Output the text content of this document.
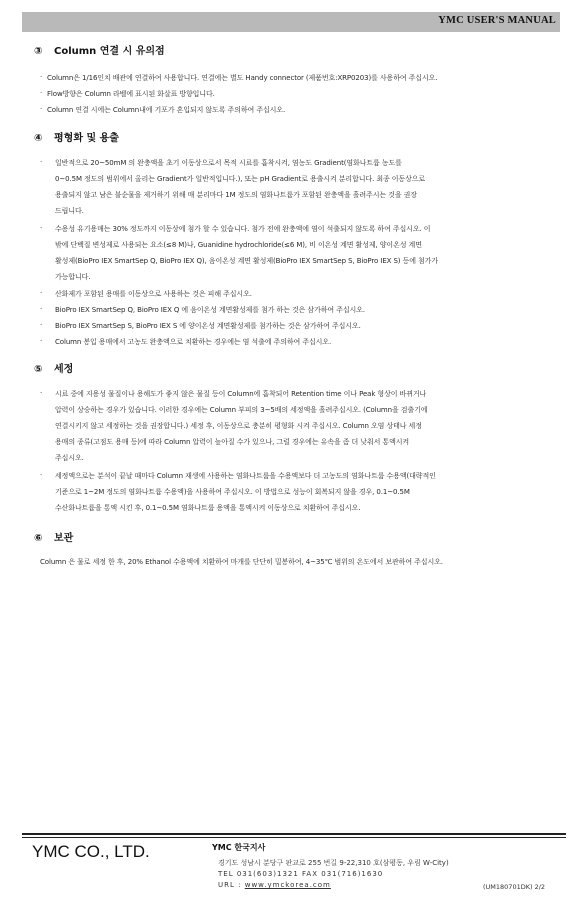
YMC USER'S MANUAL
③ Column 연결 시 유의점
· Column은 1/16인치 배관에 연결하여 사용합니다. 연결에는 별도 Handy connector (제품번호:XRP0203)를 사용하여 주십시오.
· Flow방향은 Column 라벨에 표시된 화살표 방향입니다.
· Column 연결 시에는 Column내에 기포가 혼입되지 않도록 주의하여 주십시오.
④ 평형화 및 용출
· 일반적으로 20~50mM 의 완충액을 초기 이동상으로서 목적 시료를 흡착시켜, 염농도 Gradient(염화나트륨 농도를
0~0.5M 정도의 범위에서 올리는 Gradient가 일반적입니다.), 또는 pH Gradient로 용출시켜 분리합니다. 최종 이동상으로
용출되지 않고 남은 불순물을 제거하기 위해 매 분리마다 1M 정도의 염화나트륨가 포함된 완충액을 흘려주시는 것을 권장
드립니다.
· 수용성 유기용매는 30% 정도까지 이동상에 첨가 할 수 있습니다. 첨가 전에 완충액에 염이 석출되지 않도록 하여 주십시오. 이
밖에 단백질 변성제로 사용되는 요소(≤8 M)나, Guanidine hydrochloride(≤6 M), 비 이온성 계면 활성제, 양이온성 계면
활성제(BioPro IEX SmartSep Q, BioPro IEX Q), 음이온성 계면 활성제(BioPro IEX SmartSep S, BioPro IEX S) 등에 첨가가
가능합니다.
· 산화제가 포함된 용매를 이동상으로 사용하는 것은 피해 주십시오.
· BioPro IEX SmartSep Q, BioPro IEX Q 에 음이온성 계면활성제를 첨가 하는 것은 삼가하여 주십시오.
· BioPro IEX SmartSep S, BioPro IEX S 에 양이온성 계면활성제를 첨가하는 것은 삼가하여 주십시오.
· Column 봉입 용매에서 고농도 완충액으로 치환하는 경우에는 염 석출에 주의하여 주십시오.
⑤ 세정
· 시료 중에 지용성 물질이나 용해도가 좋지 않은 물질 등이 Column에 흡착되어 Retention time 이나 Peak 형상이 바뀌거나
압력이 상승하는 경우가 있습니다. 이러한 경우에는 Column 부피의 3~5배의 세정액을 흘려주십시오. (Column을 검출기에
연결시키지 않고 세정하는 것을 권장합니다.) 세정 후, 이동상으로 충분히 평형화 시켜 주십시오. Column 오염 상태나 세정
용매의 종류(고점도 용매 등)에 따라 Column 압력이 높아질 수가 있으나, 그럴 경우에는 유속을 좀 더 낮춰서 통액시켜
주십시오.
· 세정액으로는 분석이 끝날 때마다 Column 재생에 사용하는 염화나트륨을 수용액보다 더 고농도의 염화나트륨 수용액(대략적인
기준으로 1~2M 정도의 염화나트륨 수용액)을 사용하여 주십시오. 이 방법으로 성능이 회복되지 않을 경우, 0.1~0.5M
수산화나트륨을 통액 시킨 후, 0.1~0.5M 염화나트륨 용액을 통액시켜 이동상으로 치환하여 주십시오.
⑥ 보관
Column 은 물로 세정 한 후, 20% Ethanol 수용액에 치환하여 마개를 단단히 밀봉하여, 4~35℃ 범위의 온도에서 보관하여 주십시오.
YMC CO., LTD.	YMC 한국지사
경기도 성남시 분당구 판교로 255 번길 9-22,310 호(삼평동, 우림 W-City)
TEL 031(603)1321 FAX 031(716)1630
URL : www.ymckorea.com	(UM180701DK) 2/2
